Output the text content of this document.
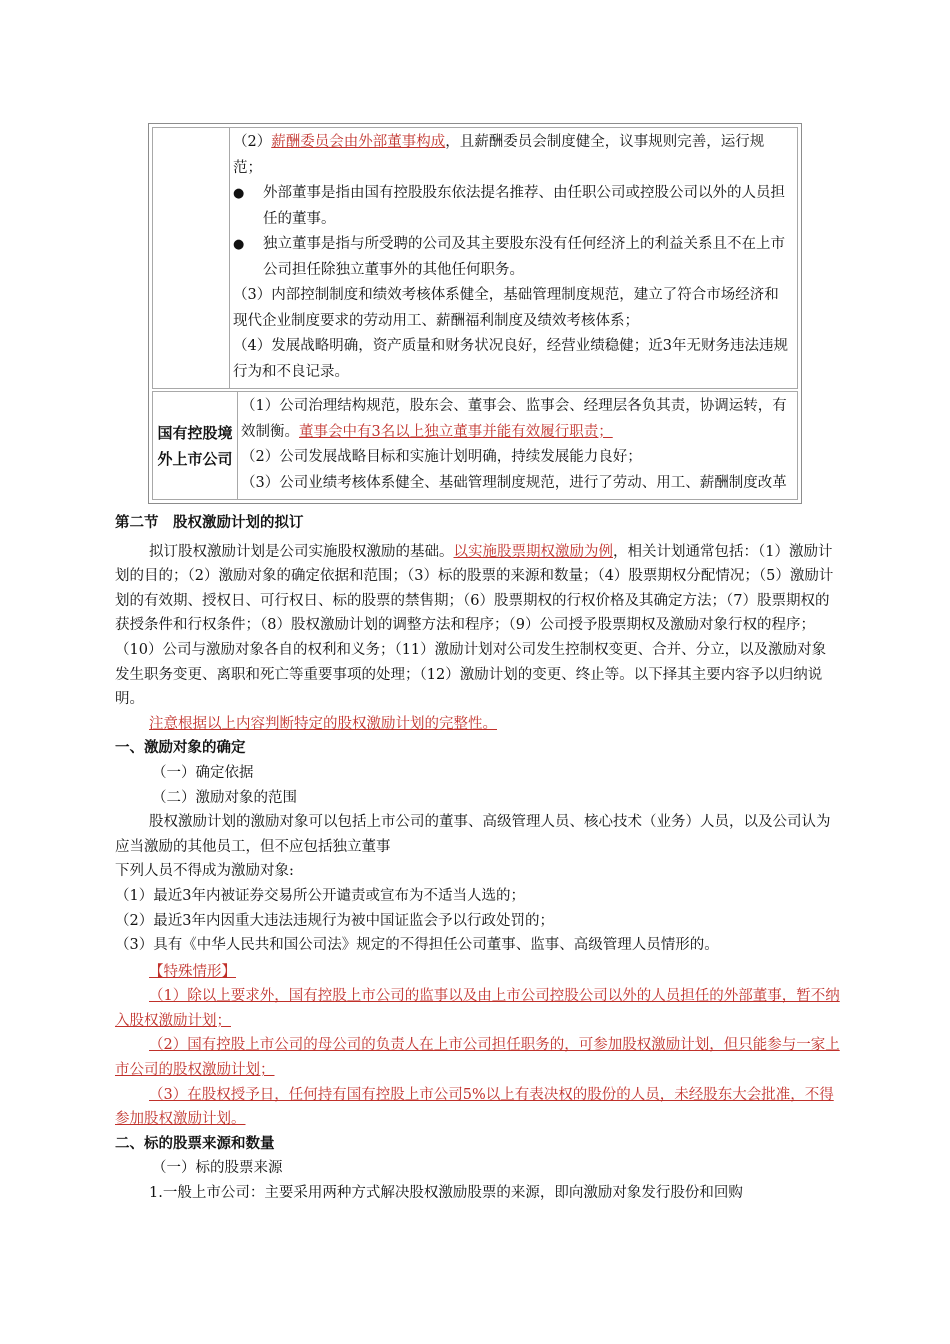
（2）薪酬委员会由外部董事构成，且薪酬委员会制度健全，议事规则完善，运行规范；

●	外部董事是指由国有控股股东依法提名推荐、由任职公司或控股公司以外的人员担任的董事。
●	独立董事是指与所受聘的公司及其主要股东没有任何经济上的利益关系且不在上市公司担任除独立董事外的其他任何职务。

（3）内部控制制度和绩效考核体系健全，基础管理制度规范，建立了符合市场经济和现代企业制度要求的劳动用工、薪酬福利制度及绩效考核体系；

（4）发展战略明确，资产质量和财务状况良好，经营业绩稳健；近3年无财务违法违规行为和不良记录。

国有控股境外上市公司

（1）公司治理结构规范，股东会、董事会、监事会、经理层各负其责，协调运转，有效制衡。董事会中有3名以上独立董事并能有效履行职责；

（2）公司发展战略目标和实施计划明确，持续发展能力良好；

（3）公司业绩考核体系健全、基础管理制度规范，进行了劳动、用工、薪酬制度改革

第二节　股权激励计划的拟订

拟订股权激励计划是公司实施股权激励的基础。以实施股票期权激励为例，相关计划通常包括：（1）激励计划的目的；（2）激励对象的确定依据和范围；（3）标的股票的来源和数量；（4）股票期权分配情况；（5）激励计划的有效期、授权日、可行权日、标的股票的禁售期；（6）股票期权的行权价格及其确定方法；（7）股票期权的获授条件和行权条件；（8）股权激励计划的调整方法和程序；（9）公司授予股票期权及激励对象行权的程序；（10）公司与激励对象各自的权利和义务；（11）激励计划对公司发生控制权变更、合并、分立，以及激励对象发生职务变更、离职和死亡等重要事项的处理；（12）激励计划的变更、终止等。以下择其主要内容予以归纳说明。

注意根据以上内容判断特定的股权激励计划的完整性。

一、激励对象的确定

（一）确定依据

（二）激励对象的范围

股权激励计划的激励对象可以包括上市公司的董事、高级管理人员、核心技术（业务）人员，以及公司认为应当激励的其他员工，但不应包括独立董事

下列人员不得成为激励对象:

（1）最近3年内被证券交易所公开谴责或宣布为不适当人选的；

（2）最近3年内因重大违法违规行为被中国证监会予以行政处罚的；

（3）具有《中华人民共和国公司法》规定的不得担任公司董事、监事、高级管理人员情形的。

【特殊情形】

（1）除以上要求外，国有控股上市公司的监事以及由上市公司控股公司以外的人员担任的外部董事，暂不纳入股权激励计划；

（2）国有控股上市公司的母公司的负责人在上市公司担任职务的，可参加股权激励计划，但只能参与一家上市公司的股权激励计划；

（3）在股权授予日，任何持有国有控股上市公司5%以上有表决权的股份的人员，未经股东大会批准，不得参加股权激励计划。

二、标的股票来源和数量

（一）标的股票来源

1.一般上市公司：主要采用两种方式解决股权激励股票的来源，即向激励对象发行股份和回购
